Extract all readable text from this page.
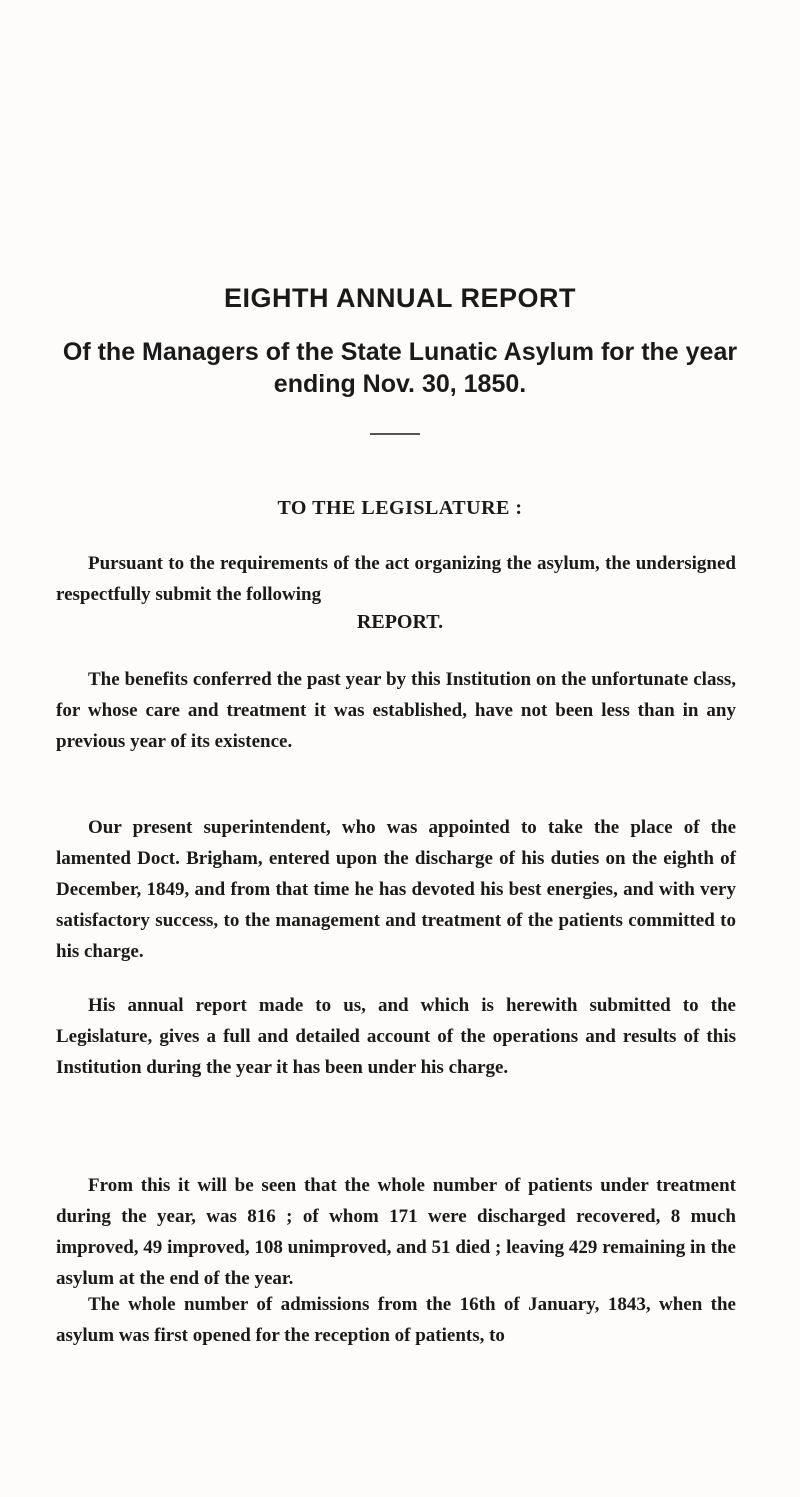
EIGHTH ANNUAL REPORT
Of the Managers of the State Lunatic Asylum for the year ending Nov. 30, 1850.
TO THE LEGISLATURE :

Pursuant to the requirements of the act organizing the asylum, the undersigned respectfully submit the following

REPORT.

The benefits conferred the past year by this Institution on the unfortunate class, for whose care and treatment it was established, have not been less than in any previous year of its existence.

Our present superintendent, who was appointed to take the place of the lamented Doct. Brigham, entered upon the discharge of his duties on the eighth of December, 1849, and from that time he has devoted his best energies, and with very satisfactory success, to the management and treatment of the patients committed to his charge.

His annual report made to us, and which is herewith submitted to the Legislature, gives a full and detailed account of the operations and results of this Institution during the year it has been under his charge.

From this it will be seen that the whole number of patients under treatment during the year, was 816 ; of whom 171 were discharged recovered, 8 much improved, 49 improved, 108 unimproved, and 51 died ; leaving 429 remaining in the asylum at the end of the year.

The whole number of admissions from the 16th of January, 1843, when the asylum was first opened for the reception of patients, to
